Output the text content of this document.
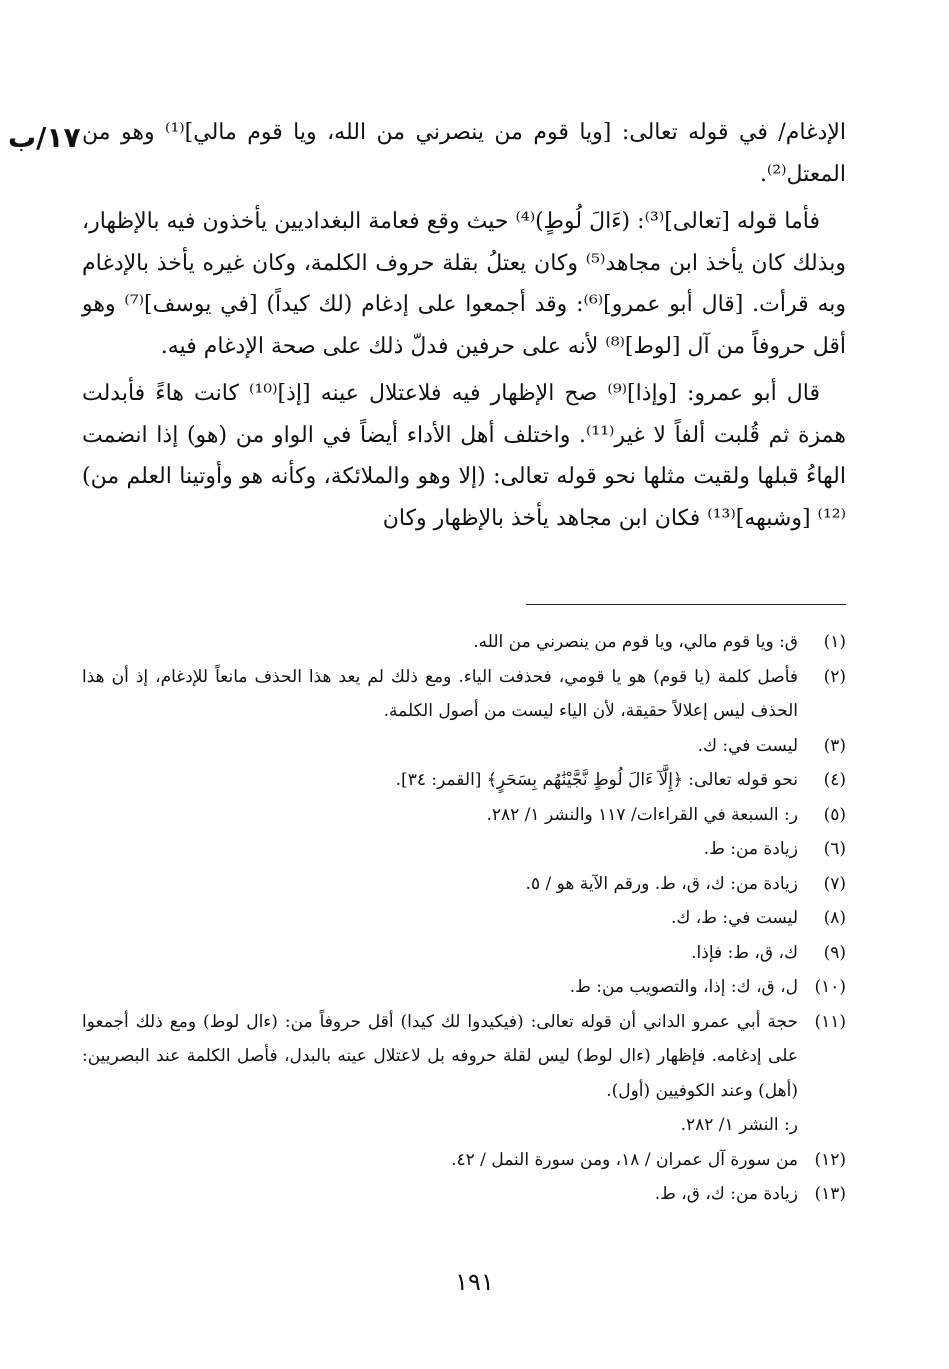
١٧/ب الإدغام/ في قوله تعالى: [ويا قوم من ينصرني من الله، ويا قوم مالي]⁽¹⁾ وهو من المعتل⁽²⁾.

فأما قوله [تعالى]⁽³⁾: (ءَالَ لُوطٍ)⁽⁴⁾ حيث وقع فعامة البغداديين يأخذون فيه بالإظهار، وبذلك كان يأخذ ابن مجاهد⁽⁵⁾ وكان يعتلُ بقلة حروف الكلمة، وكان غيره يأخذ بالإدغام وبه قرأت. [قال أبو عمرو]⁽⁶⁾: وقد أجمعوا على إدغام (لك كيداً) [في يوسف]⁽⁷⁾ وهو أقل حروفاً من آل [لوط]⁽⁸⁾ لأنه على حرفين فدلّ ذلك على صحة الإدغام فيه.

قال أبو عمرو: [وإذا]⁽⁹⁾ صح الإظهار فيه فلاعتلال عينه [إذ]⁽¹⁰⁾ كانت هاءً فأبدلت همزة ثم قُلبت ألفاً لا غير⁽¹¹⁾. واختلف أهل الأداء أيضاً في الواو من (هو) إذا انضمت الهاءُ قبلها ولقيت مثلها نحو قوله تعالى: (إلا وهو والملائكة، وكأنه هو وأوتينا العلم من)⁽¹²⁾ [وشبهه]⁽¹³⁾ فكان ابن مجاهد يأخذ بالإظهار وكان

(١)
ق: ويا قوم مالي، ويا قوم من ينصرني من الله.
(٢)
فأصل كلمة (يا قوم) هو يا قومي، فحذفت الياء. ومع ذلك لم يعد هذا الحذف مانعاً للإدغام، إذ أن هذا الحذف ليس إعلالاً حقيقة، لأن الياء ليست من أصول الكلمة.
(٣)
ليست في: ك.
(٤)
نحو قوله تعالى: ﴿إِلَّآ ءَالَ لُوطٍ نَّجَّيْنَٰهُم بِسَحَرٍ﴾ [القمر: ٣٤].
(٥)
ر: السبعة في القراءات/ ١١٧ والنشر ١/ ٢٨٢.
(٦)
زيادة من: ط.
(٧)
زيادة من: ك، ق، ط. ورقم الآية هو / ٥.
(٨)
ليست في: ط، ك.
(٩)
ك، ق، ط: فإذا.
(١٠)
ل، ق، ك: إذا، والتصويب من: ط.
(١١)
حجة أبي عمرو الداني أن قوله تعالى: (فيكيدوا لك كيدا) أقل حروفاً من: (ءال لوط) ومع ذلك أجمعوا على إدغامه. فإظهار (ءال لوط) ليس لقلة حروفه بل لاعتلال عينه بالبدل، فأصل الكلمة عند البصريين: (أهل) وعند الكوفيين (أول).
ر: النشر ١/ ٢٨٢.
(١٢)
من سورة آل عمران / ١٨، ومن سورة النمل / ٤٢.
(١٣)
زيادة من: ك، ق، ط.
١٩١
